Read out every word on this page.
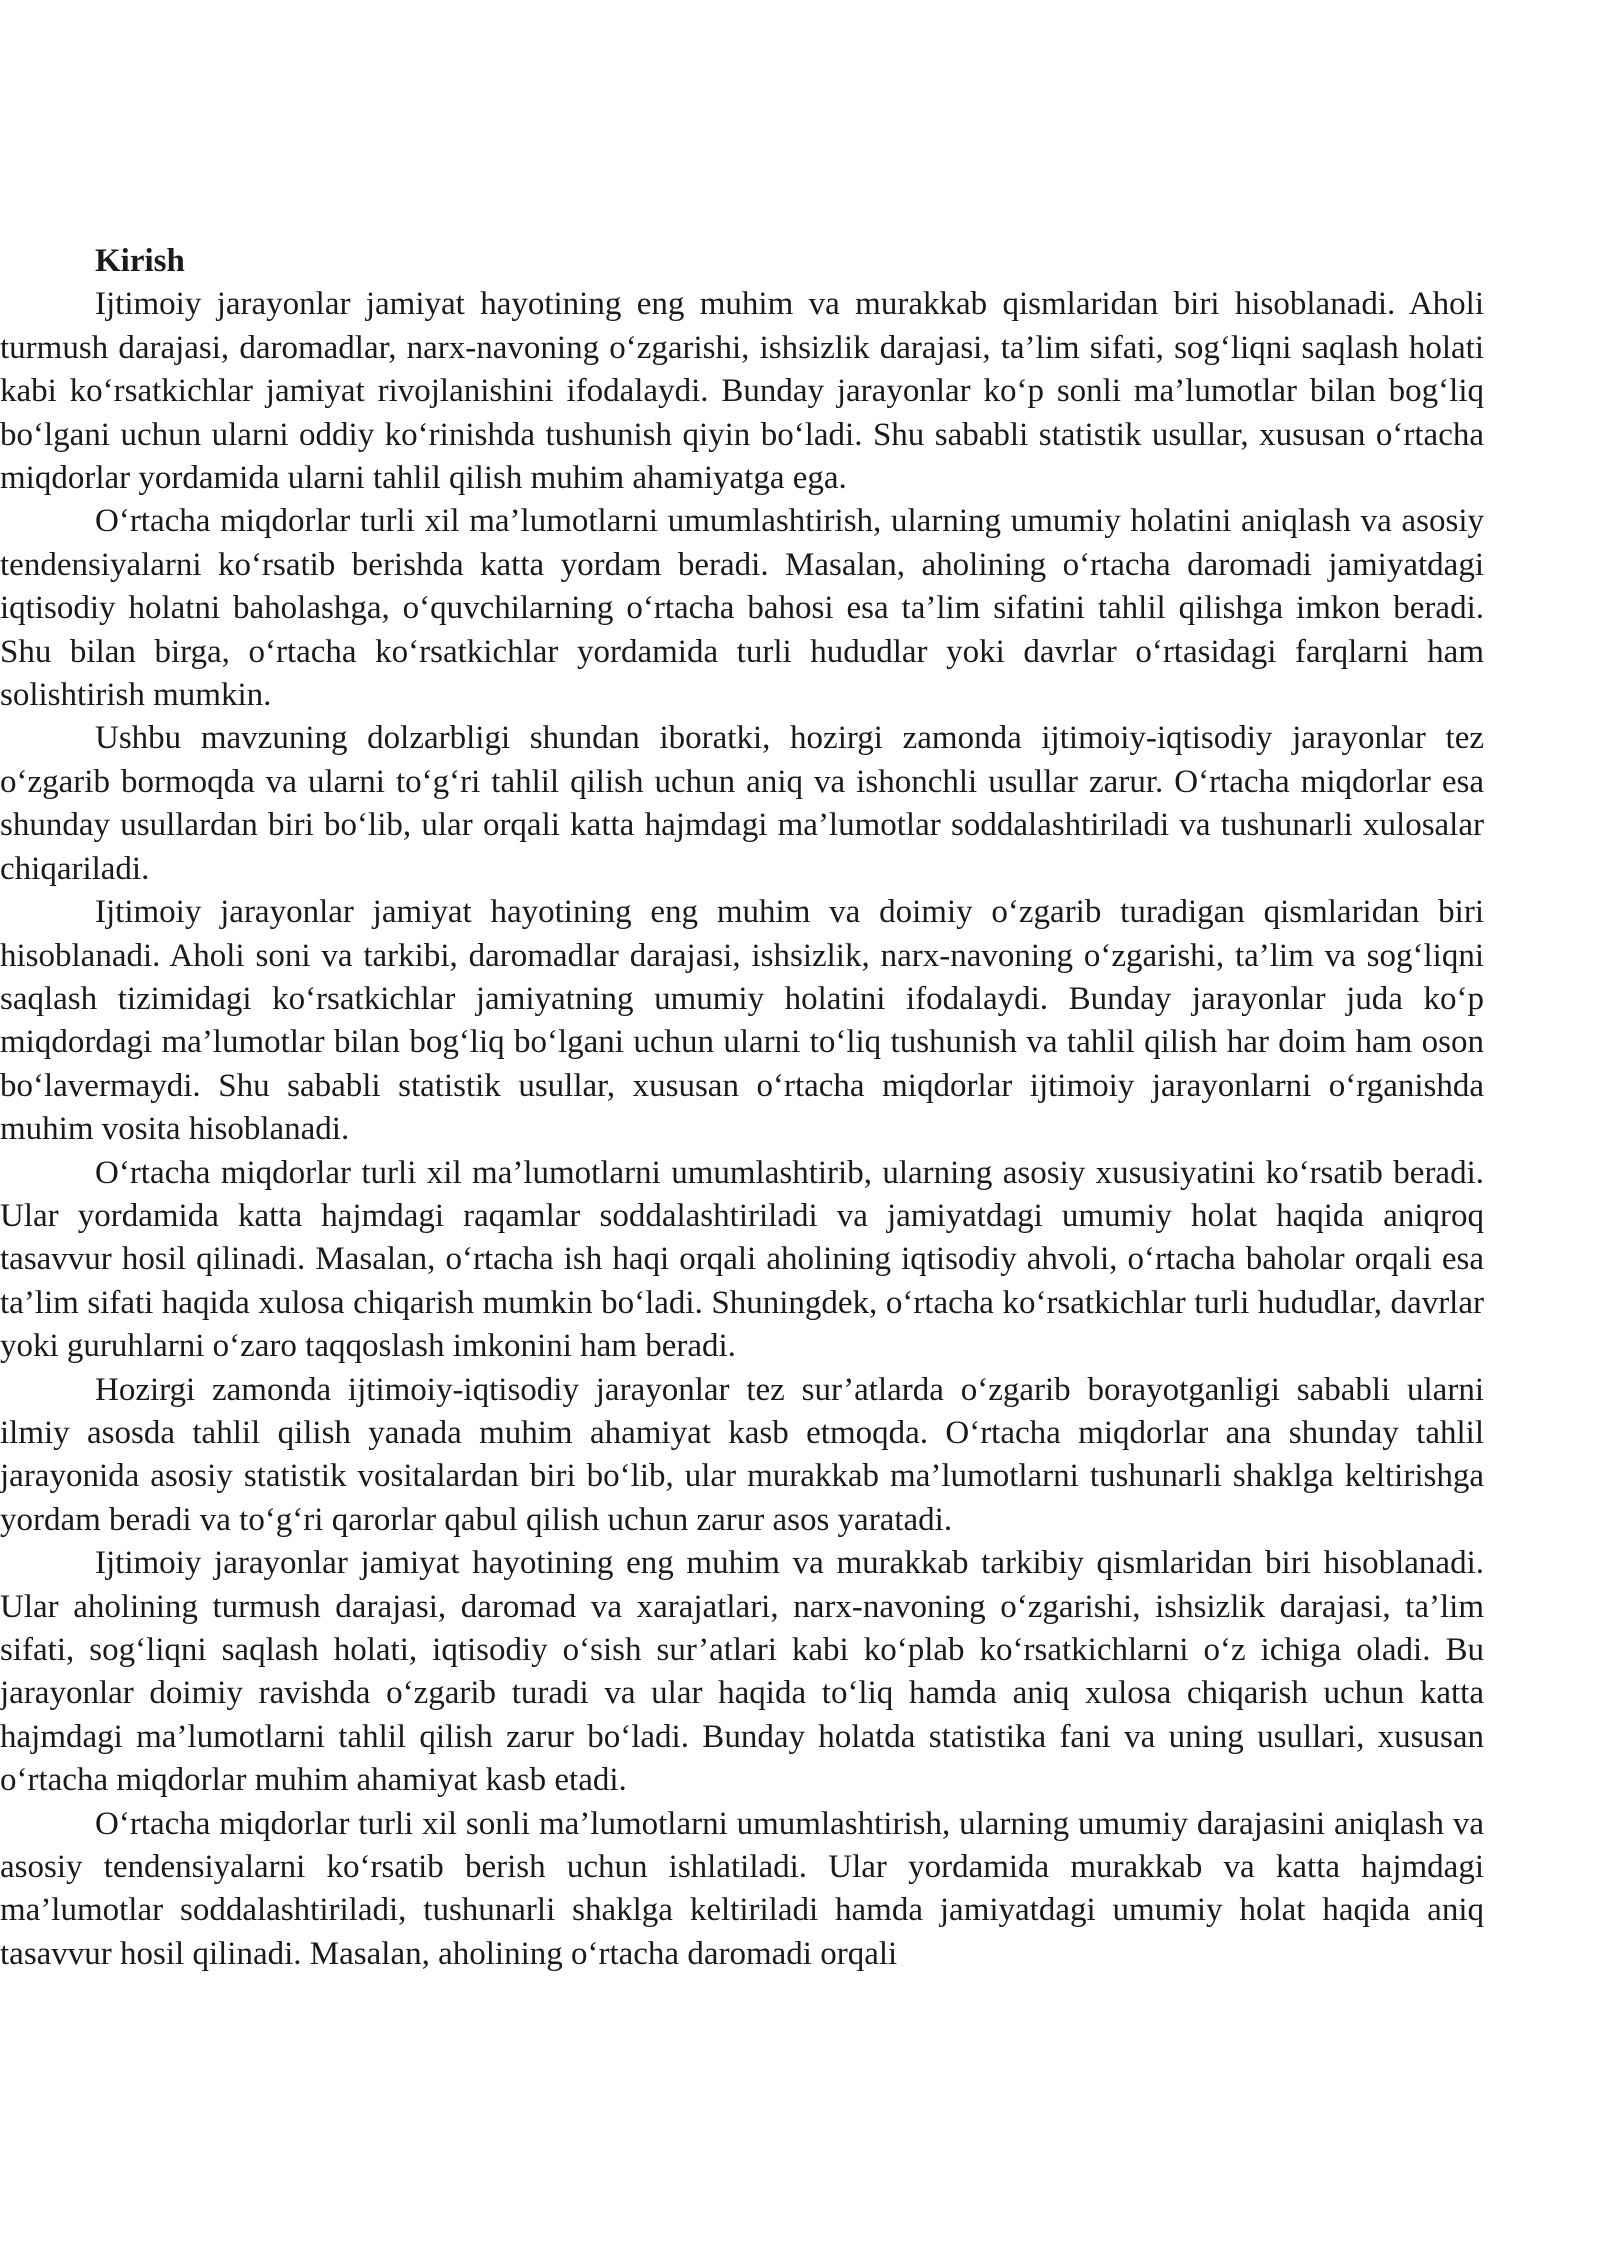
Kirish

Ijtimoiy jarayonlar jamiyat hayotining eng muhim va murakkab qismlaridan biri hisoblanadi. Aholi turmush darajasi, daromadlar, narx-navoning o‘zgarishi, ishsizlik darajasi, ta’lim sifati, sog‘liqni saqlash holati kabi ko‘rsatkichlar jamiyat rivojlanishini ifodalaydi. Bunday jarayonlar ko‘p sonli ma’lumotlar bilan bog‘liq bo‘lgani uchun ularni oddiy ko‘rinishda tushunish qiyin bo‘ladi. Shu sababli statistik usullar, xususan o‘rtacha miqdorlar yordamida ularni tahlil qilish muhim ahamiyatga ega.

O‘rtacha miqdorlar turli xil ma’lumotlarni umumlashtirish, ularning umumiy holatini aniqlash va asosiy tendensiyalarni ko‘rsatib berishda katta yordam beradi. Masalan, aholining o‘rtacha daromadi jamiyatdagi iqtisodiy holatni baholashga, o‘quvchilarning o‘rtacha bahosi esa ta’lim sifatini tahlil qilishga imkon beradi. Shu bilan birga, o‘rtacha ko‘rsatkichlar yordamida turli hududlar yoki davrlar o‘rtasidagi farqlarni ham solishtirish mumkin.

Ushbu mavzuning dolzarbligi shundan iboratki, hozirgi zamonda ijtimoiy-iqtisodiy jarayonlar tez o‘zgarib bormoqda va ularni to‘g‘ri tahlil qilish uchun aniq va ishonchli usullar zarur. O‘rtacha miqdorlar esa shunday usullardan biri bo‘lib, ular orqali katta hajmdagi ma’lumotlar soddalashtiriladi va tushunarli xulosalar chiqariladi.

Ijtimoiy jarayonlar jamiyat hayotining eng muhim va doimiy o‘zgarib turadigan qismlaridan biri hisoblanadi. Aholi soni va tarkibi, daromadlar darajasi, ishsizlik, narx-navoning o‘zgarishi, ta’lim va sog‘liqni saqlash tizimidagi ko‘rsatkichlar jamiyatning umumiy holatini ifodalaydi. Bunday jarayonlar juda ko‘p miqdordagi ma’lumotlar bilan bog‘liq bo‘lgani uchun ularni to‘liq tushunish va tahlil qilish har doim ham oson bo‘lavermaydi. Shu sababli statistik usullar, xususan o‘rtacha miqdorlar ijtimoiy jarayonlarni o‘rganishda muhim vosita hisoblanadi.

O‘rtacha miqdorlar turli xil ma’lumotlarni umumlashtirib, ularning asosiy xususiyatini ko‘rsatib beradi. Ular yordamida katta hajmdagi raqamlar soddalashtiriladi va jamiyatdagi umumiy holat haqida aniqroq tasavvur hosil qilinadi. Masalan, o‘rtacha ish haqi orqali aholining iqtisodiy ahvoli, o‘rtacha baholar orqali esa ta’lim sifati haqida xulosa chiqarish mumkin bo‘ladi. Shuningdek, o‘rtacha ko‘rsatkichlar turli hududlar, davrlar yoki guruhlarni o‘zaro taqqoslash imkonini ham beradi.

Hozirgi zamonda ijtimoiy-iqtisodiy jarayonlar tez sur’atlarda o‘zgarib borayotganligi sababli ularni ilmiy asosda tahlil qilish yanada muhim ahamiyat kasb etmoqda. O‘rtacha miqdorlar ana shunday tahlil jarayonida asosiy statistik vositalardan biri bo‘lib, ular murakkab ma’lumotlarni tushunarli shaklga keltirishga yordam beradi va to‘g‘ri qarorlar qabul qilish uchun zarur asos yaratadi.

Ijtimoiy jarayonlar jamiyat hayotining eng muhim va murakkab tarkibiy qismlaridan biri hisoblanadi. Ular aholining turmush darajasi, daromad va xarajatlari, narx-navoning o‘zgarishi, ishsizlik darajasi, ta’lim sifati, sog‘liqni saqlash holati, iqtisodiy o‘sish sur’atlari kabi ko‘plab ko‘rsatkichlarni o‘z ichiga oladi. Bu jarayonlar doimiy ravishda o‘zgarib turadi va ular haqida to‘liq hamda aniq xulosa chiqarish uchun katta hajmdagi ma’lumotlarni tahlil qilish zarur bo‘ladi. Bunday holatda statistika fani va uning usullari, xususan o‘rtacha miqdorlar muhim ahamiyat kasb etadi.

O‘rtacha miqdorlar turli xil sonli ma’lumotlarni umumlashtirish, ularning umumiy darajasini aniqlash va asosiy tendensiyalarni ko‘rsatib berish uchun ishlatiladi. Ular yordamida murakkab va katta hajmdagi ma’lumotlar soddalashtiriladi, tushunarli shaklga keltiriladi hamda jamiyatdagi umumiy holat haqida aniq tasavvur hosil qilinadi. Masalan, aholining o‘rtacha daromadi orqali
